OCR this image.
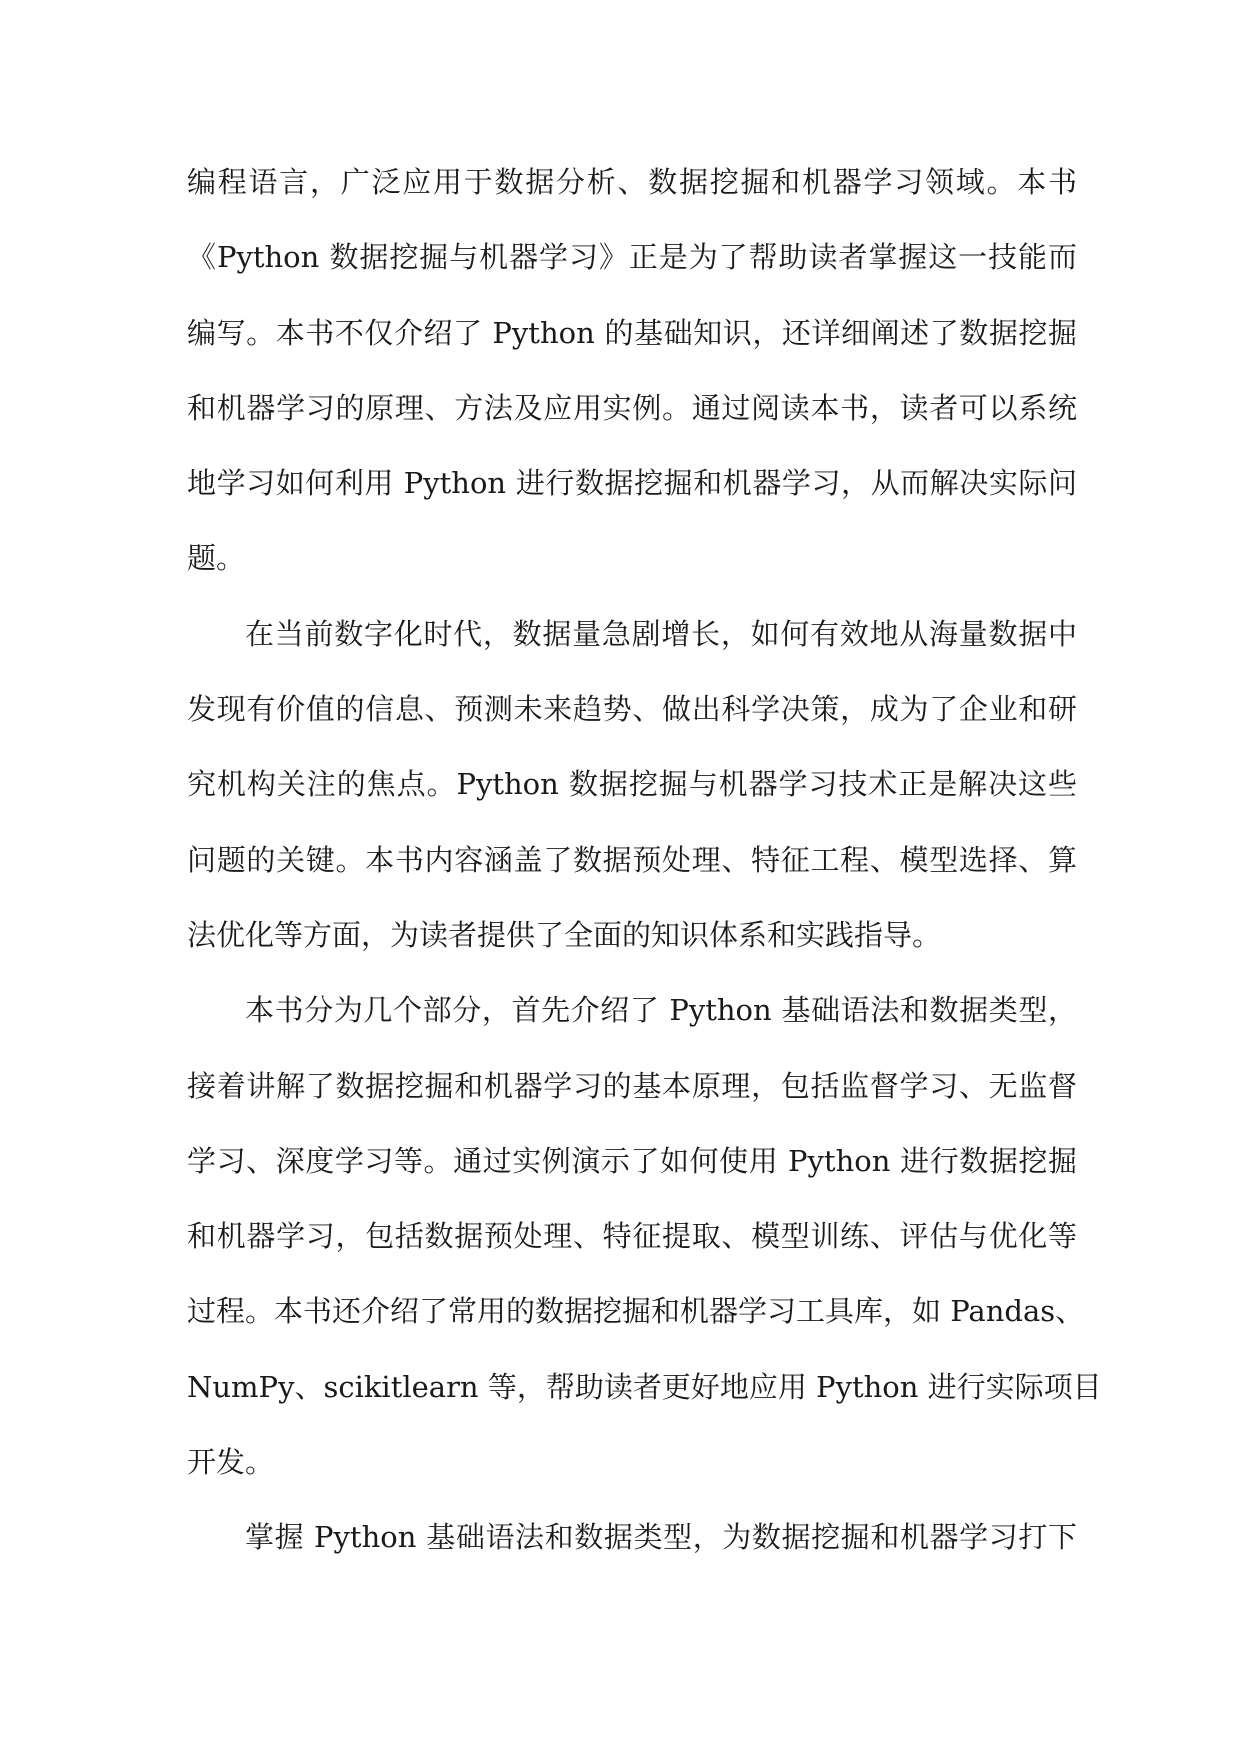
编程语言，广泛应用于数据分析、数据挖掘和机器学习领域。本书
《Python 数据挖掘与机器学习》正是为了帮助读者掌握这一技能而
编写。本书不仅介绍了 Python 的基础知识，还详细阐述了数据挖掘
和机器学习的原理、方法及应用实例。通过阅读本书，读者可以系统
地学习如何利用 Python 进行数据挖掘和机器学习，从而解决实际问
题。
在当前数字化时代，数据量急剧增长，如何有效地从海量数据中
发现有价值的信息、预测未来趋势、做出科学决策，成为了企业和研
究机构关注的焦点。Python 数据挖掘与机器学习技术正是解决这些
问题的关键。本书内容涵盖了数据预处理、特征工程、模型选择、算
法优化等方面，为读者提供了全面的知识体系和实践指导。
本书分为几个部分，首先介绍了 Python 基础语法和数据类型，
接着讲解了数据挖掘和机器学习的基本原理，包括监督学习、无监督
学习、深度学习等。通过实例演示了如何使用 Python 进行数据挖掘
和机器学习，包括数据预处理、特征提取、模型训练、评估与优化等
过程。本书还介绍了常用的数据挖掘和机器学习工具库，如 Pandas、
NumPy、scikitlearn 等，帮助读者更好地应用 Python 进行实际项目
开发。
掌握 Python 基础语法和数据类型，为数据挖掘和机器学习打下
